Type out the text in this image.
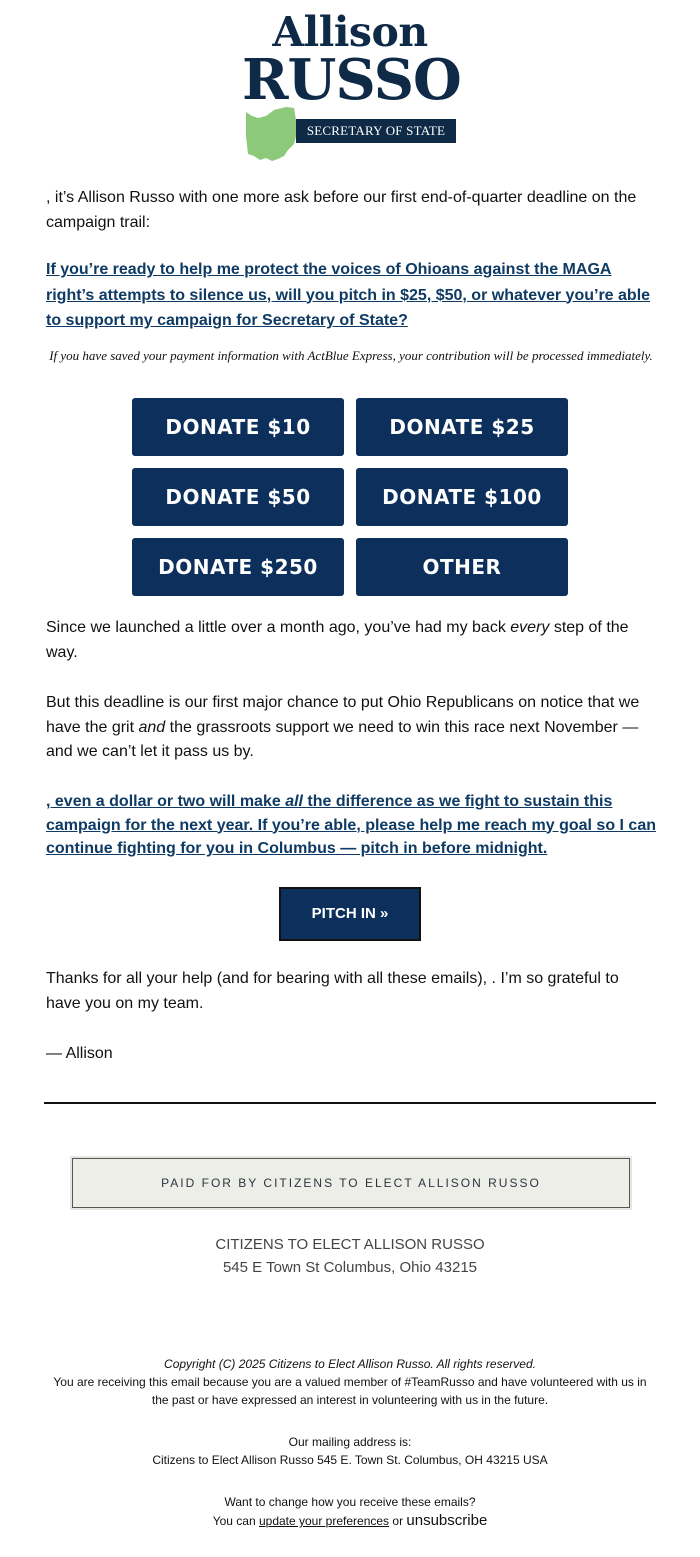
Allison
RUSSO
SECRETARY OF STATE
, it’s Allison Russo with one more ask before our first end-of-quarter deadline on the campaign trail:
If you’re ready to help me protect the voices of Ohioans against the MAGA right’s attempts to silence us, will you pitch in $25, $50, or whatever you’re able to support my campaign for Secretary of State?
If you have saved your payment information with ActBlue Express, your contribution will be processed immediately.
DONATE $10	DONATE $25
DONATE $50	DONATE $100
DONATE $250	OTHER
Since we launched a little over a month ago, you’ve had my back every step of the way.
But this deadline is our first major chance to put Ohio Republicans on notice that we have the grit and the grassroots support we need to win this race next November — and we can’t let it pass us by.
, even a dollar or two will make all the difference as we fight to sustain this campaign for the next year. If you’re able, please help me reach my goal so I can continue fighting for you in Columbus — pitch in before midnight.
PITCH IN »
Thanks for all your help (and for bearing with all these emails), . I’m so grateful to have you on my team.
— Allison
PAID FOR BY CITIZENS TO ELECT ALLISON RUSSO
CITIZENS TO ELECT ALLISON RUSSO
545 E Town St Columbus, Ohio 43215
Copyright (C) 2025 Citizens to Elect Allison Russo. All rights reserved.
You are receiving this email because you are a valued member of #TeamRusso and have volunteered with us in the past or have expressed an interest in volunteering with us in the future.
Our mailing address is:
Citizens to Elect Allison Russo 545 E. Town St. Columbus, OH 43215 USA
Want to change how you receive these emails?
You can update your preferences or unsubscribe
